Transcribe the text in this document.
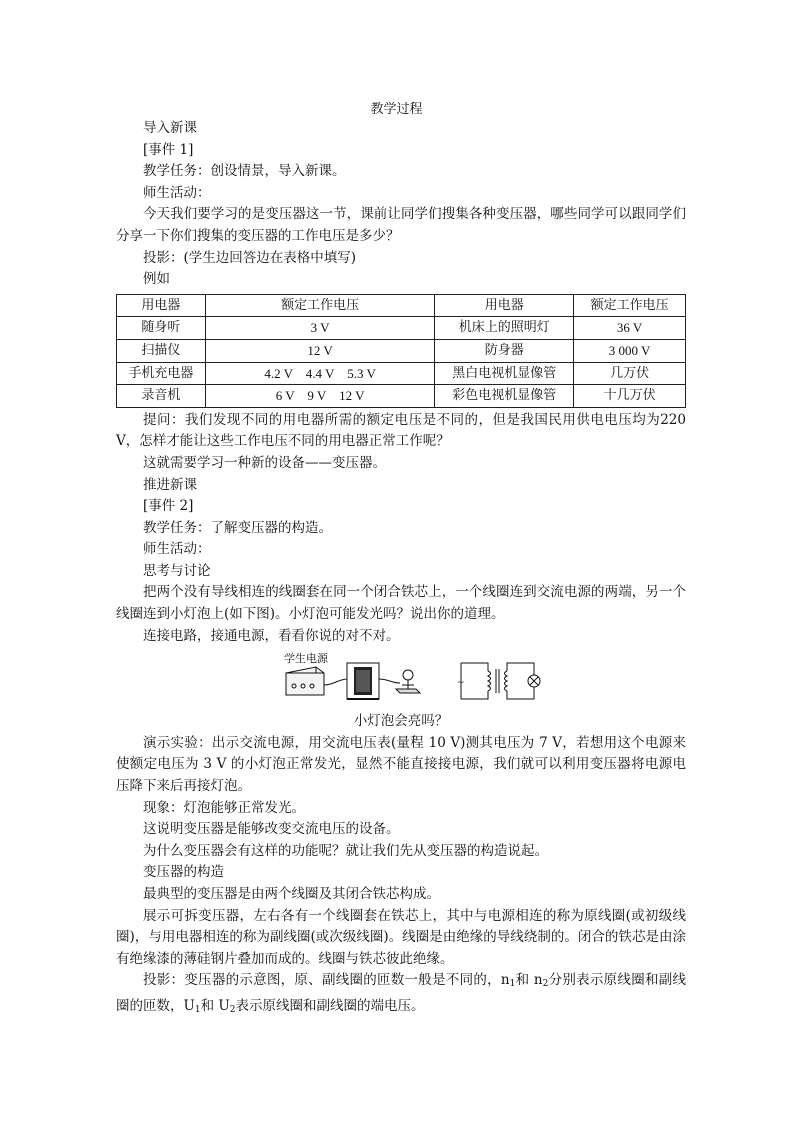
教学过程

导入新课

[事件 1]

教学任务：创设情景，导入新课。

师生活动：

今天我们要学习的是变压器这一节，课前让同学们搜集各种变压器，哪些同学可以跟同学们分享一下你们搜集的变压器的工作电压是多少？

投影：(学生边回答边在表格中填写)

例如

用电器	额定工作电压	用电器	额定工作电压
随身听	3 V	机床上的照明灯	36 V
扫描仪	12 V	防身器	3 000 V
手机充电器	4.2 V　4.4 V　5.3 V	黑白电视机显像管	几万伏
录音机	6 V　9 V　12 V	彩色电视机显像管	十几万伏

提问：我们发现不同的用电器所需的额定电压是不同的，但是我国民用供电电压均为220 V，怎样才能让这些工作电压不同的用电器正常工作呢？

这就需要学习一种新的设备——变压器。

推进新课

[事件 2]

教学任务：了解变压器的构造。

师生活动：

思考与讨论

把两个没有导线相连的线圈套在同一个闭合铁芯上，一个线圈连到交流电源的两端，另一个线圈连到小灯泡上(如下图)。小灯泡可能发光吗？说出你的道理。

连接电路，接通电源，看看你说的对不对。

学生电源
~

小灯泡会亮吗？

演示实验：出示交流电源，用交流电压表(量程 10 V)测其电压为 7 V，若想用这个电源来使额定电压为 3 V 的小灯泡正常发光，显然不能直接接电源，我们就可以利用变压器将电源电压降下来后再接灯泡。

现象：灯泡能够正常发光。

这说明变压器是能够改变交流电压的设备。

为什么变压器会有这样的功能呢？就让我们先从变压器的构造说起。

变压器的构造

最典型的变压器是由两个线圈及其闭合铁芯构成。

展示可拆变压器，左右各有一个线圈套在铁芯上，其中与电源相连的称为原线圈(或初级线圈)，与用电器相连的称为副线圈(或次级线圈)。线圈是由绝缘的导线绕制的。闭合的铁芯是由涂有绝缘漆的薄硅钢片叠加而成的。线圈与铁芯彼此绝缘。

投影：变压器的示意图，原、副线圈的匝数一般是不同的，$n_1$和 $n_2$分别表示原线圈和副线圈的匝数，$U_1$和 $U_2$表示原线圈和副线圈的端电压。
